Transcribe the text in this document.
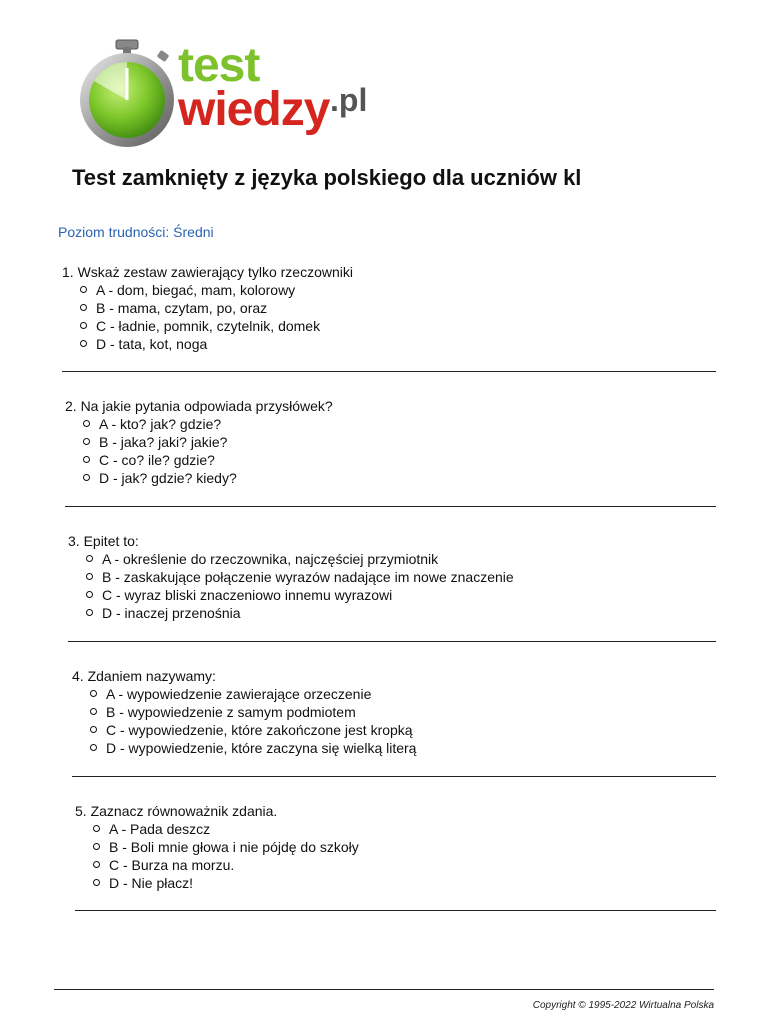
test
wiedzy .pl
Test zamknięty z języka polskiego dla uczniów kl
Poziom trudności: Średni

1. Wskaż zestaw zawierający tylko rzeczowniki

A - dom, biegać, mam, kolorowy
B - mama, czytam, po, oraz
C - ładnie, pomnik, czytelnik, domek
D - tata, kot, noga

2. Na jakie pytania odpowiada przysłówek?

A - kto? jak? gdzie?
B - jaka? jaki? jakie?
C - co? ile? gdzie?
D - jak? gdzie? kiedy?

3. Epitet to:

A - określenie do rzeczownika, najczęściej przymiotnik
B - zaskakujące połączenie wyrazów nadające im nowe znaczenie
C - wyraz bliski znaczeniowo innemu wyrazowi
D - inaczej przenośnia

4. Zdaniem nazywamy:

A - wypowiedzenie zawierające orzeczenie
B - wypowiedzenie z samym podmiotem
C - wypowiedzenie, które zakończone jest kropką
D - wypowiedzenie, które zaczyna się wielką literą

5. Zaznacz równoważnik zdania.

A - Pada deszcz
B - Boli mnie głowa i nie pójdę do szkoły
C - Burza na morzu.
D - Nie płacz!
Copyright © 1995-2022 Wirtualna Polska
